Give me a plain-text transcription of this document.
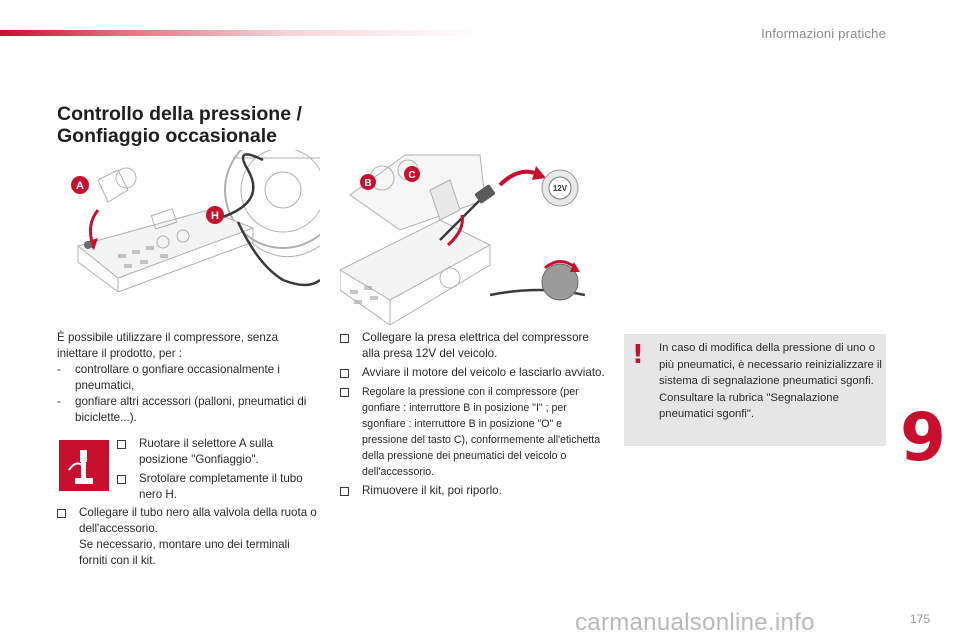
Informazioni pratiche
9
Controllo della pressione /
Gonfiaggio occasionale
A
H
12V
B
C

È possibile utilizzare il compressore, senza iniettare il prodotto, per :

- controllare o gonfiare occasionalmente i pneumatici,
- gonfiare altri accessori (palloni, pneumatici di biciclette...).
Ruotare il selettore A sulla posizione "Gonfiaggio".
Srotolare completamente il tubo nero H.
Collegare il tubo nero alla valvola della ruota o dell'accessorio.
Se necessario, montare uno dei terminali forniti con il kit.
Collegare la presa elettrica del compressore alla presa 12V del veicolo.
Avviare il motore del veicolo e lasciarlo avviato.
Regolare la pressione con il compressore (per gonfiare : interruttore B in posizione "I" ; per sgonfiare : interruttore B in posizione "O" e pressione del tasto C), conformemente all'etichetta della pressione dei pneumatici del veicolo o dell'accessorio.
Rimuovere il kit, poi riporlo.
! In caso di modifica della pressione di uno o più pneumatici, è necessario reinizializzare il sistema di segnalazione pneumatici sgonfi.
Consultare la rubrica "Segnalazione pneumatici sgonfi".
carmanualsonline.info	175
